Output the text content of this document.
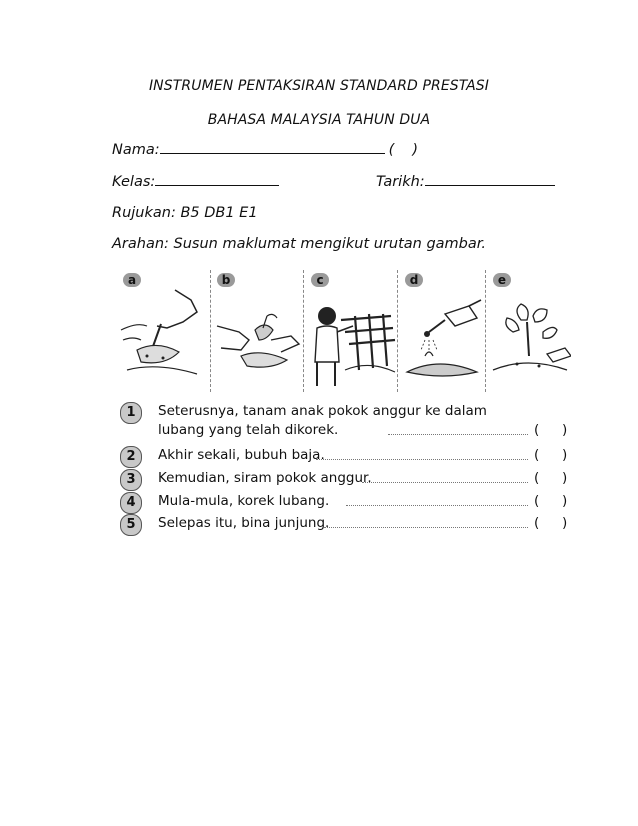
INSTRUMEN PENTAKSIRAN STANDARD PRESTASI
BAHASA MALAYSIA TAHUN DUA
Nama:	( )
Kelas:	Tarikh:
Rujukan: B5 DB1 E1
Arahan: Susun maklumat mengikut urutan gambar.
a	b	c	d	e
1	Seterusnya, tanam anak pokok anggur ke dalam
lubang yang telah dikorek.	( )
2	Akhir sekali, bubuh baja.	( )
3	Kemudian, siram pokok anggur.	( )
4	Mula-mula, korek lubang.	( )
5	Selepas itu, bina junjung.	( )
